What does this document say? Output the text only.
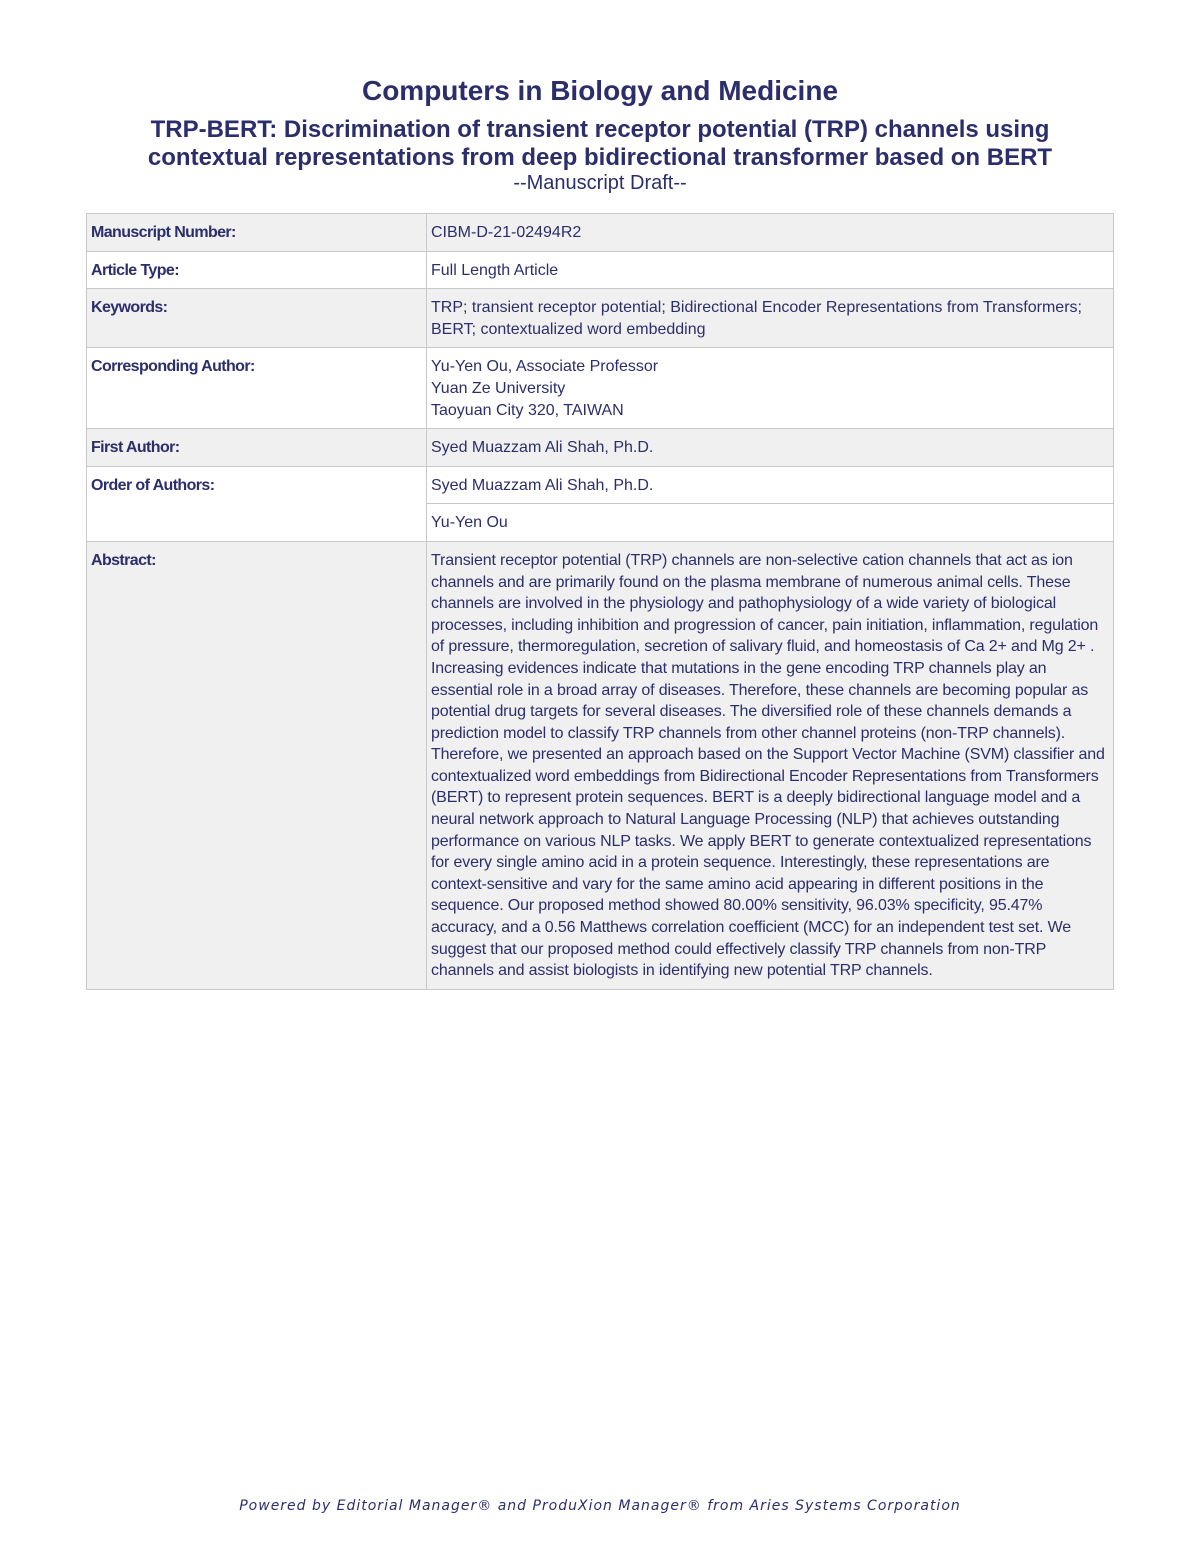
Computers in Biology and Medicine

TRP-BERT: Discrimination of transient receptor potential (TRP) channels using contextual representations from deep bidirectional transformer based on BERT

--Manuscript Draft--

Manuscript Number:	CIBM-D-21-02494R2
Article Type:	Full Length Article
Keywords:	TRP; transient receptor potential; Bidirectional Encoder Representations from Transformers; BERT; contextualized word embedding
Corresponding Author:	Yu-Yen Ou, Associate Professor
Yuan Ze University
Taoyuan City 320, TAIWAN

First Author:	Syed Muazzam Ali Shah, Ph.D.
Order of Authors:	Syed Muazzam Ali Shah, Ph.D.
	Yu-Yen Ou
Abstract:	Transient receptor potential (TRP) channels are non-selective cation channels that act as ion channels and are primarily found on the plasma membrane of numerous animal cells. These channels are involved in the physiology and pathophysiology of a wide variety of biological processes, including inhibition and progression of cancer, pain initiation, inflammation, regulation of pressure, thermoregulation, secretion of salivary fluid, and homeostasis of Ca 2+ and Mg 2+ . Increasing evidences indicate that mutations in the gene encoding TRP channels play an essential role in a broad array of diseases. Therefore, these channels are becoming popular as potential drug targets for several diseases. The diversified role of these channels demands a prediction model to classify TRP channels from other channel proteins (non-TRP channels). Therefore, we presented an approach based on the Support Vector Machine (SVM) classifier and contextualized word embeddings from Bidirectional Encoder Representations from Transformers (BERT) to represent protein sequences. BERT is a deeply bidirectional language model and a neural network approach to Natural Language Processing (NLP) that achieves outstanding performance on various NLP tasks. We apply BERT to generate contextualized representations for every single amino acid in a protein sequence. Interestingly, these representations are context-sensitive and vary for the same amino acid appearing in different positions in the sequence. Our proposed method showed 80.00% sensitivity, 96.03% specificity, 95.47% accuracy, and a 0.56 Matthews correlation coefficient (MCC) for an independent test set. We suggest that our proposed method could effectively classify TRP channels from non-TRP channels and assist biologists in identifying new potential TRP channels.
Powered by Editorial Manager® and ProduXion Manager® from Aries Systems Corporation
